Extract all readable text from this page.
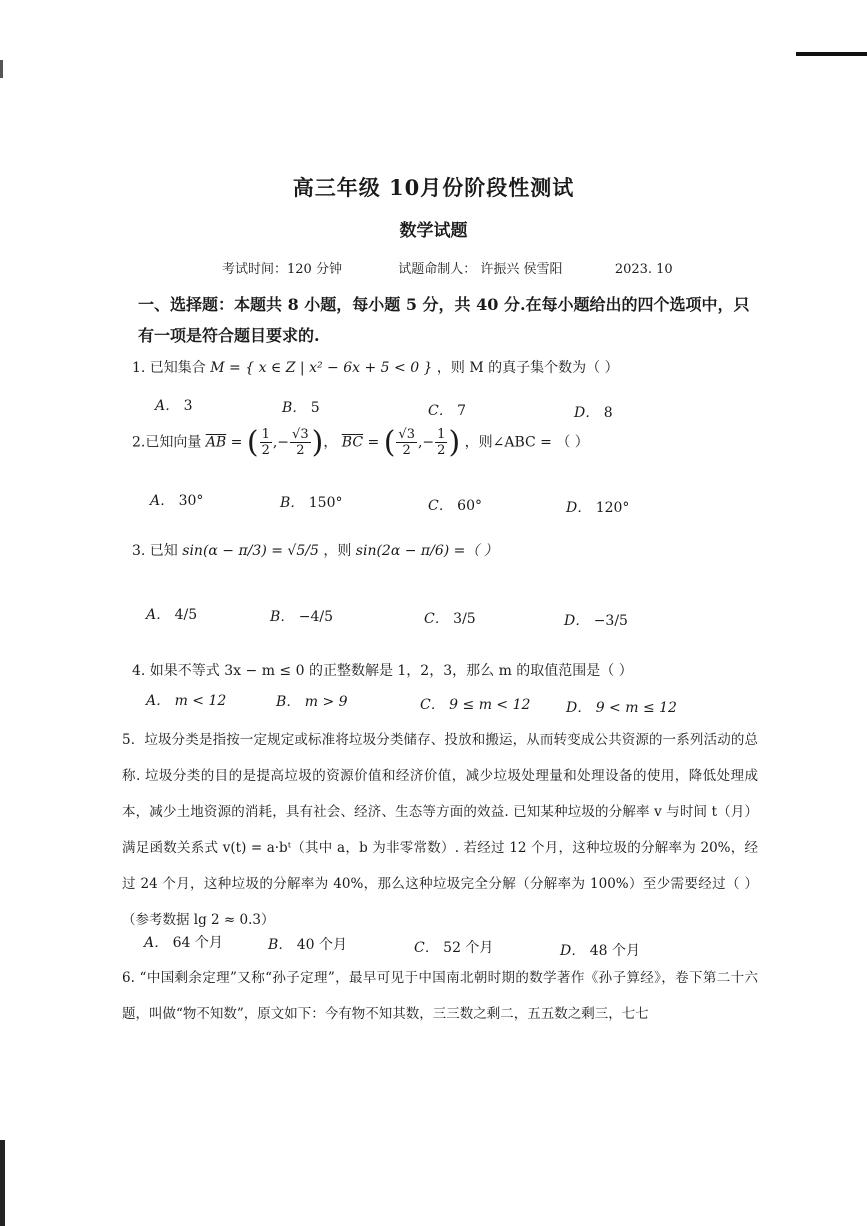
高三年级 10月份阶段性测试
数学试题
考试时间：120 分钟	试题命制人： 许振兴 侯雪阳	2023. 10
一、选择题：本题共 8 小题，每小题 5 分，共 40 分.在每小题给出的四个选项中，只有一项是符合题目要求的.
1. 已知集合 M = { x ∈ Z | x² − 6x + 5 < 0 } ，则 M 的真子集个数为（ ）
A． 3	B． 5	C． 7	D． 8
2.已知向量 $\overline{AB}$ = ( $\frac{1}{2}$ ,− $\frac{√3}{2}$ )， $\overline{BC}$ = ( $\frac{√3}{2}$ ,− $\frac{1}{2}$ ) ，则∠ABC = （ ）
A． 30°	B． 150°	C． 60°	D． 120°
3. 已知 sin(α − π/3) = √5/5 ，则 sin(2α − π/6) =（ ）
A． 4/5	B． −4/5	C． 3/5	D． −3/5
4. 如果不等式 3x − m ≤ 0 的正整数解是 1，2，3，那么 m 的取值范围是（ ）
A． m < 12	B． m > 9	C． 9 ≤ m < 12	D． 9 < m ≤ 12
5．垃圾分类是指按一定规定或标准将垃圾分类储存、投放和搬运，从而转变成公共资源的一系列活动的总称. 垃圾分类的目的是提高垃圾的资源价值和经济价值，减少垃圾处理量和处理设备的使用，降低处理成本，减少土地资源的消耗，具有社会、经济、生态等方面的效益. 已知某种垃圾的分解率 v 与时间 t（月）满足函数关系式 v(t) = a·bᵗ（其中 a，b 为非零常数）. 若经过 12 个月，这种垃圾的分解率为 20%，经过 24 个月，这种垃圾的分解率为 40%，那么这种垃圾完全分解（分解率为 100%）至少需要经过（ ）（参考数据 lg 2 ≈ 0.3）
A． 64 个月	B． 40 个月	C． 52 个月	D． 48 个月
6. “中国剩余定理”又称“孙子定理”，最早可见于中国南北朝时期的数学著作《孙子算经》，卷下第二十六题，叫做“物不知数”，原文如下：今有物不知其数，三三数之剩二，五五数之剩三，七七
